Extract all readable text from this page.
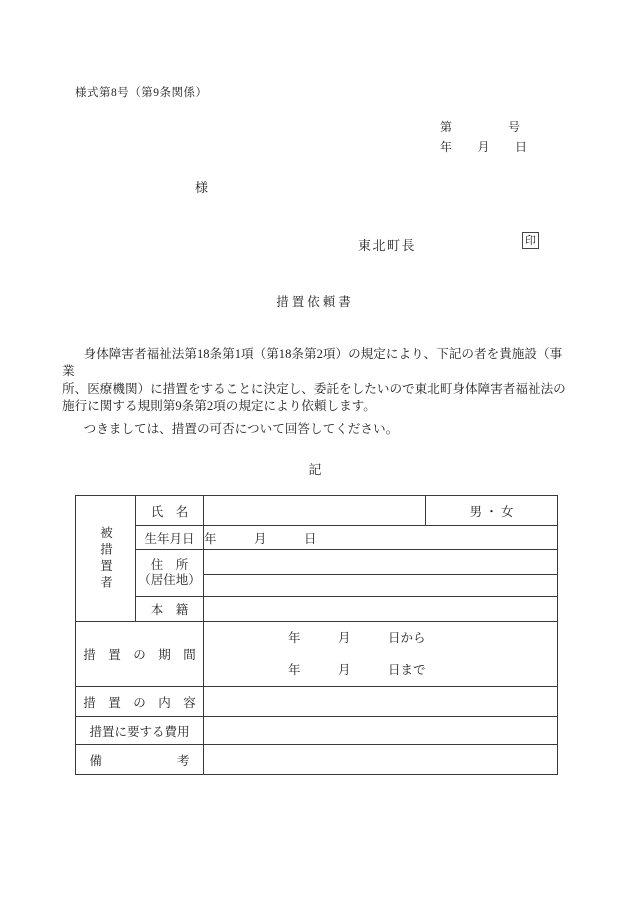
様式第8号（第9条関係）
第	号
年 月 日
様
東北町長	印
措置依頼書
　身体障害者福祉法第18条第1項（第18条第2項）の規定により、下記の者を貴施設（事業
所、医療機関）に措置をすることに決定し、委託をしたいので東北町身体障害者福祉法の
施行に関する規則第9条第2項の規定により依頼します。
　つきましては、措置の可否について回答してください。
記
被措置者	氏　名		男 ・ 女
	生年月日	年　　　月　　　日	

	住　所
（居住地）		

	本　籍		
措　置　の　期　間		年　　　月　　　日から
年　　　月　　　日まで	

措　置　の　内　容			
措置に要する費用			
備　　　　　　考			
